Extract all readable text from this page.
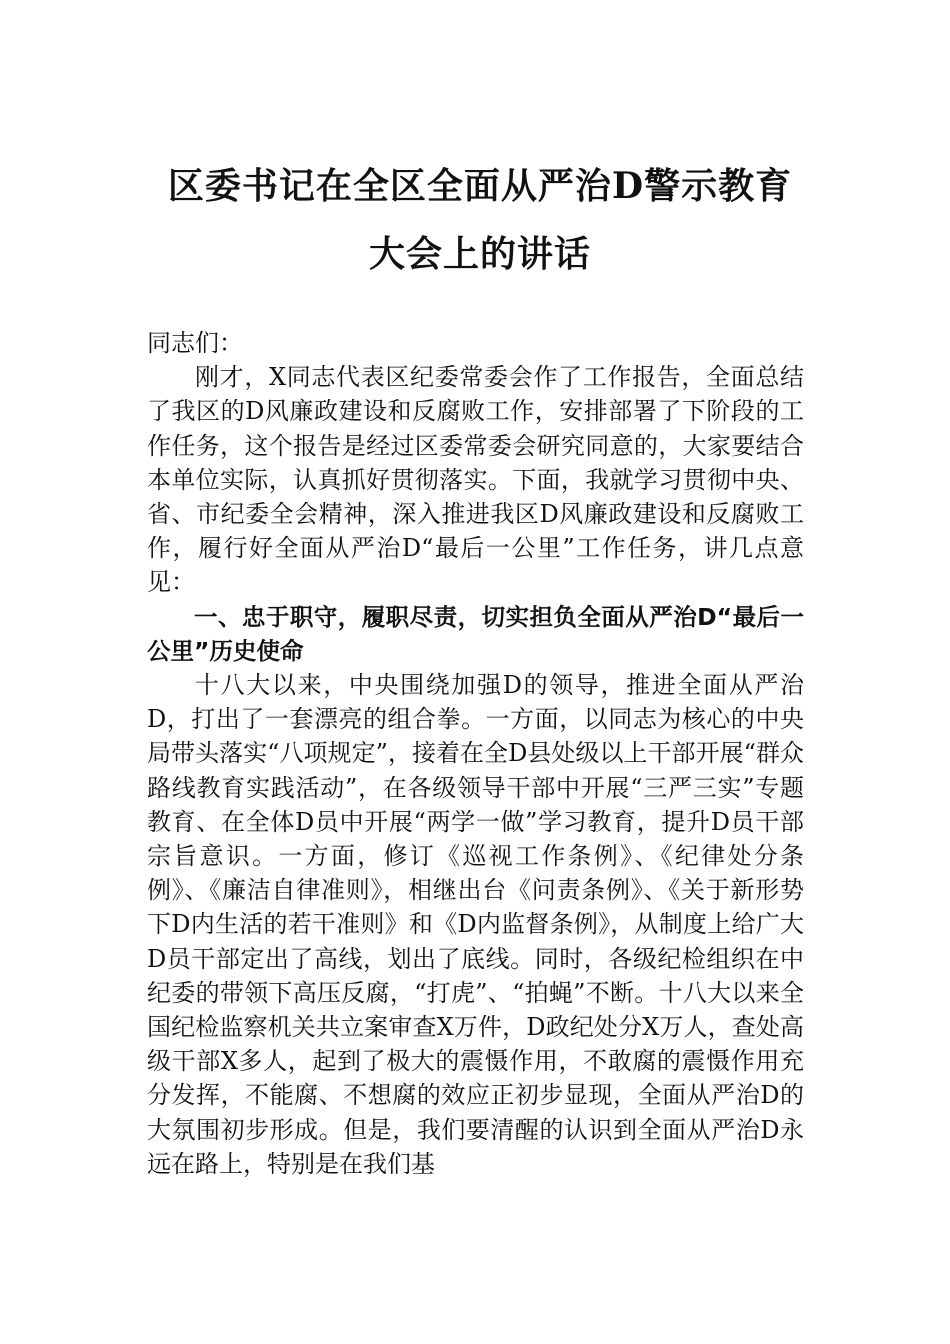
区委书记在全区全面从严治D警示教育大会上的讲话

同志们：

刚才，X同志代表区纪委常委会作了工作报告，全面总结了我区的D风廉政建设和反腐败工作，安排部署了下阶段的工作任务，这个报告是经过区委常委会研究同意的，大家要结合本单位实际，认真抓好贯彻落实。下面，我就学习贯彻中央、省、市纪委全会精神，深入推进我区D风廉政建设和反腐败工作，履行好全面从严治D“最后一公里”工作任务，讲几点意见：

一、忠于职守，履职尽责，切实担负全面从严治D“最后一公里”历史使命

十八大以来，中央围绕加强D的领导，推进全面从严治D，打出了一套漂亮的组合拳。一方面，以同志为核心的中央局带头落实“八项规定”，接着在全D县处级以上干部开展“群众路线教育实践活动”，在各级领导干部中开展“三严三实”专题教育、在全体D员中开展“两学一做”学习教育，提升D员干部宗旨意识。一方面，修订《巡视工作条例》、《纪律处分条例》、《廉洁自律准则》，相继出台《问责条例》、《关于新形势下D内生活的若干准则》和《D内监督条例》，从制度上给广大D员干部定出了高线，划出了底线。同时，各级纪检组织在中纪委的带领下高压反腐，“打虎”、“拍蝇”不断。十八大以来全国纪检监察机关共立案审查X万件，D政纪处分X万人，查处高级干部X多人，起到了极大的震慑作用，不敢腐的震慑作用充分发挥，不能腐、不想腐的效应正初步显现，全面从严治D的大氛围初步形成。但是，我们要清醒的认识到全面从严治D永远在路上，特别是在我们基
